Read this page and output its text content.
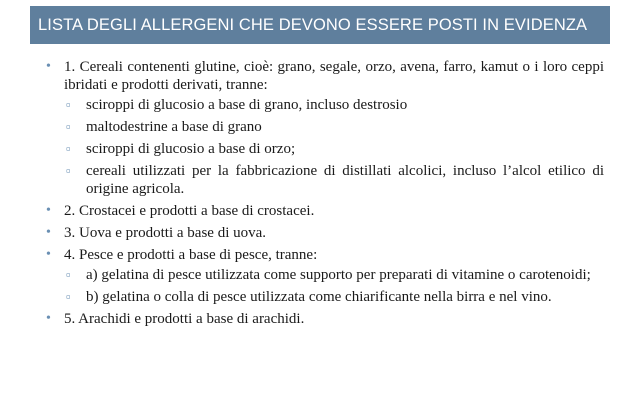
LISTA DEGLI ALLERGENI CHE DEVONO ESSERE POSTI IN EVIDENZA
• 1. Cereali contenenti glutine, cioè: grano, segale, orzo, avena, farro, kamut o i loro ceppi ibridati e prodotti derivati, tranne:
▫ sciroppi di glucosio a base di grano, incluso destrosio
▫ maltodestrine a base di grano
▫ sciroppi di glucosio a base di orzo;
▫ cereali utilizzati per la fabbricazione di distillati alcolici, incluso l’alcol etilico di origine agricola.
• 2. Crostacei e prodotti a base di crostacei.
• 3. Uova e prodotti a base di uova.
• 4. Pesce e prodotti a base di pesce, tranne:
▫ a) gelatina di pesce utilizzata come supporto per preparati di vitamine o carotenoidi;
▫ b) gelatina o colla di pesce utilizzata come chiarificante nella birra e nel vino.
• 5. Arachidi e prodotti a base di arachidi.
